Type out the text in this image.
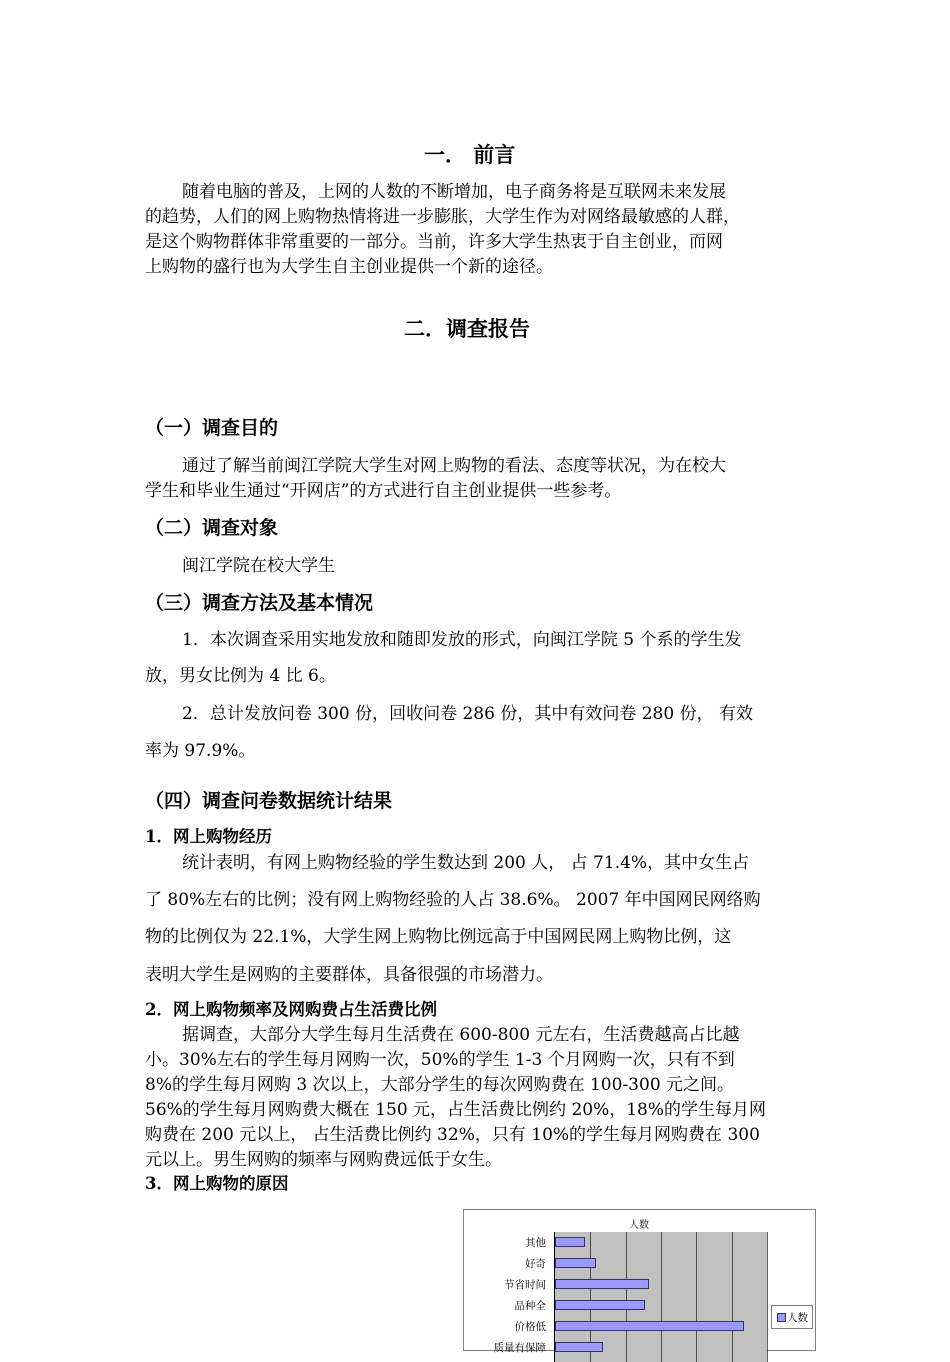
一． 前言
随着电脑的普及，上网的人数的不断增加，电子商务将是互联网未来发展
的趋势，人们的网上购物热情将进一步膨胀，大学生作为对网络最敏感的人群，
是这个购物群体非常重要的一部分。当前，许多大学生热衷于自主创业，而网
上购物的盛行也为大学生自主创业提供一个新的途径。
二．调查报告
（一）调查目的
通过了解当前闽江学院大学生对网上购物的看法、态度等状况，为在校大
学生和毕业生通过“开网店”的方式进行自主创业提供一些参考。
（二）调查对象
闽江学院在校大学生
（三）调查方法及基本情况
1．本次调查采用实地发放和随即发放的形式，向闽江学院 5 个系的学生发
放，男女比例为 4 比 6。
2．总计发放问卷 300 份，回收问卷 286 份，其中有效问卷 280 份， 有效
率为 97.9%。
（四）调查问卷数据统计结果
1．网上购物经历
统计表明，有网上购物经验的学生数达到 200 人， 占 71.4%，其中女生占
了 80%左右的比例；没有网上购物经验的人占 38.6%。 2007 年中国网民网络购
物的比例仅为 22.1%，大学生网上购物比例远高于中国网民网上购物比例，这
表明大学生是网购的主要群体，具备很强的市场潜力。
2．网上购物频率及网购费占生活费比例
据调查，大部分大学生每月生活费在 600-800 元左右，生活费越高占比越
小。30%左右的学生每月网购一次，50%的学生 1-3 个月网购一次，只有不到
8%的学生每月网购 3 次以上，大部分学生的每次网购费在 100-300 元之间。
56%的学生每月网购费大概在 150 元，占生活费比例约 20%，18%的学生每月网
购费在 200 元以上， 占生活费比例约 32%，只有 10%的学生每月网购费在 300
元以上。男生网购的频率与网购费远低于女生。
3．网上购物的原因
人数
其他
好奇
节省时间
品种全
价格低
质量有保障
人数
